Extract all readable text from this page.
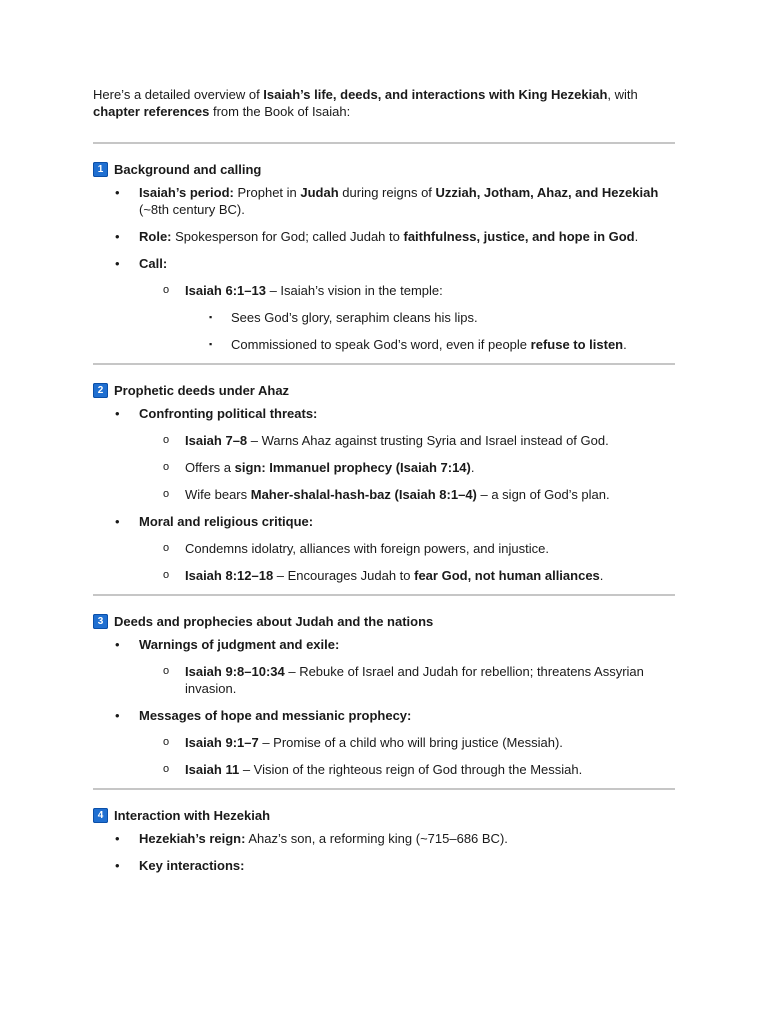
Here’s a detailed overview of Isaiah’s life, deeds, and interactions with King Hezekiah, with chapter references from the Book of Isaiah:

1 Background and calling
• Isaiah’s period: Prophet in Judah during reigns of Uzziah, Jotham, Ahaz, and Hezekiah (~8th century BC).
• Role: Spokesperson for God; called Judah to faithfulness, justice, and hope in God.
• Call:
o Isaiah 6:1–13 – Isaiah’s vision in the temple:
▪ Sees God’s glory, seraphim cleans his lips.
▪ Commissioned to speak God’s word, even if people refuse to listen.
2 Prophetic deeds under Ahaz
• Confronting political threats:
o Isaiah 7–8 – Warns Ahaz against trusting Syria and Israel instead of God.
o Offers a sign: Immanuel prophecy (Isaiah 7:14).
o Wife bears Maher-shalal-hash-baz (Isaiah 8:1–4) – a sign of God’s plan.
• Moral and religious critique:
o Condemns idolatry, alliances with foreign powers, and injustice.
o Isaiah 8:12–18 – Encourages Judah to fear God, not human alliances.
3 Deeds and prophecies about Judah and the nations
• Warnings of judgment and exile:
o Isaiah 9:8–10:34 – Rebuke of Israel and Judah for rebellion; threatens Assyrian invasion.
• Messages of hope and messianic prophecy:
o Isaiah 9:1–7 – Promise of a child who will bring justice (Messiah).
o Isaiah 11 – Vision of the righteous reign of God through the Messiah.
4 Interaction with Hezekiah
• Hezekiah’s reign: Ahaz’s son, a reforming king (~715–686 BC).
• Key interactions:
